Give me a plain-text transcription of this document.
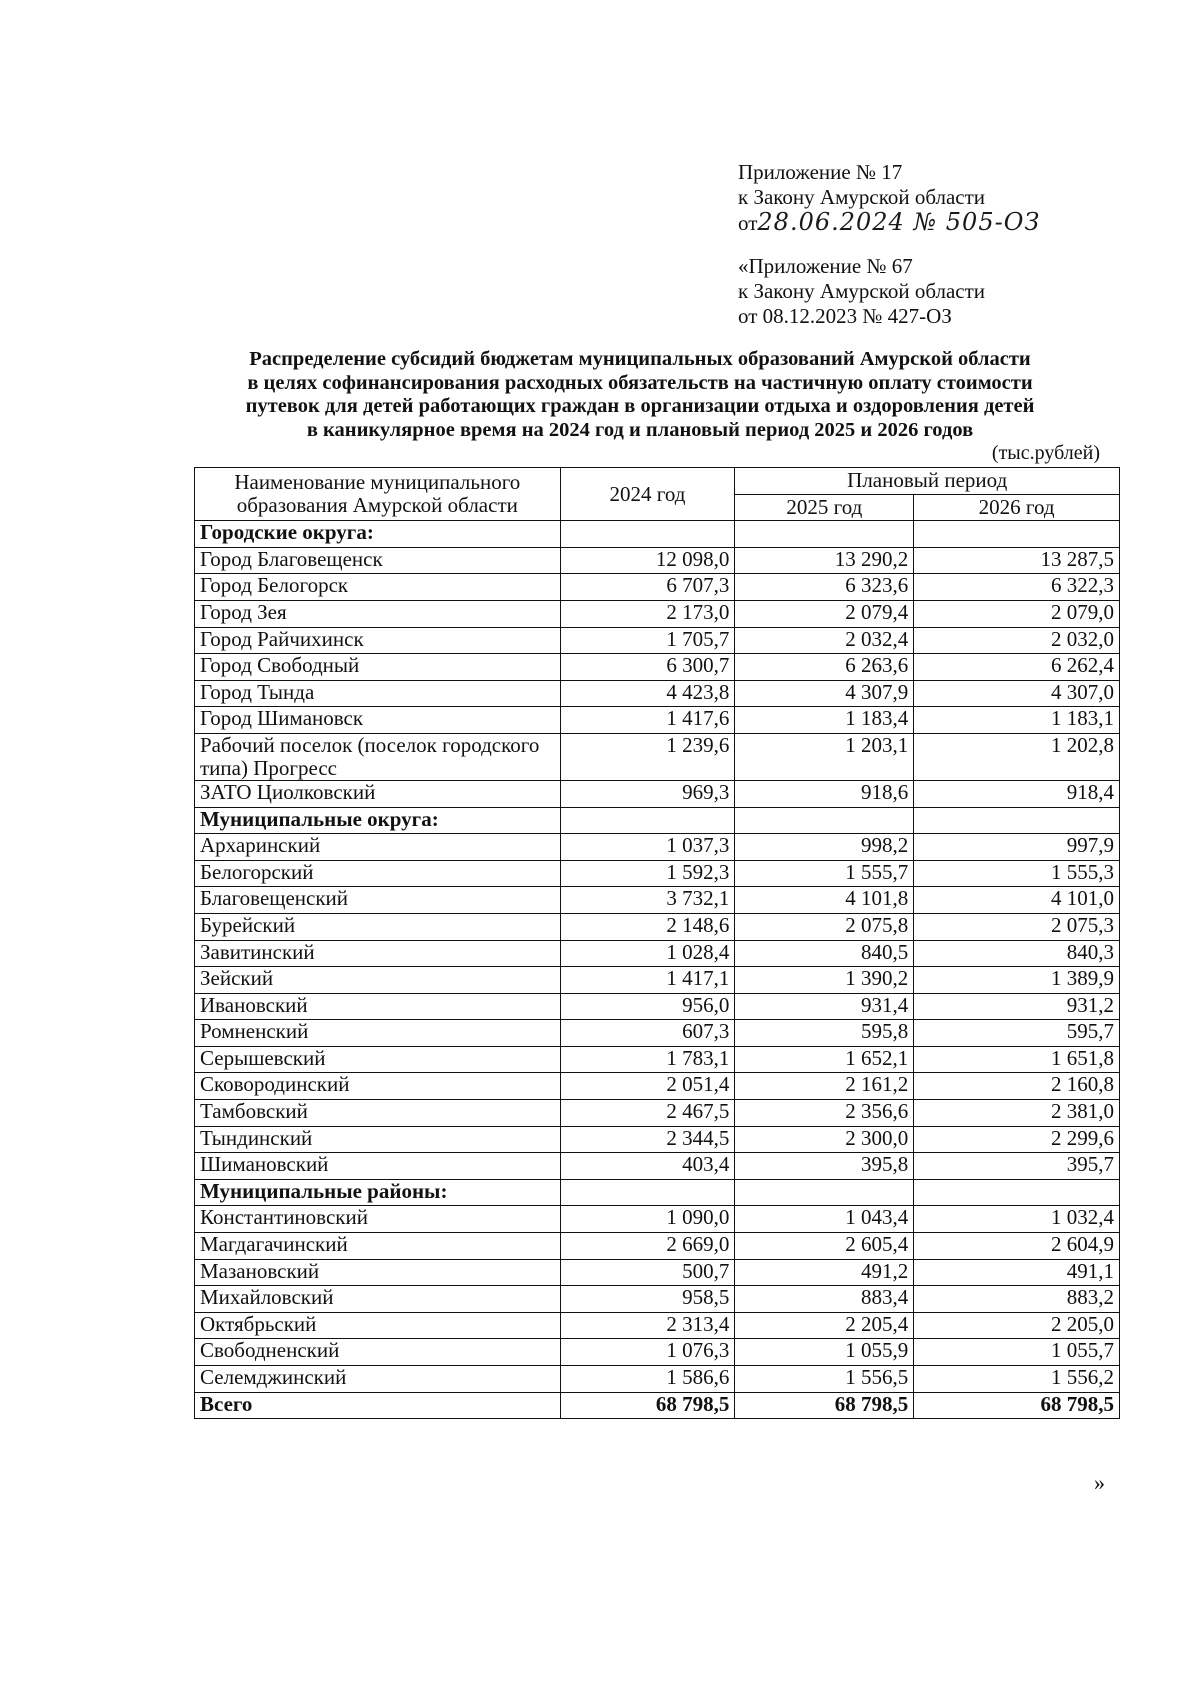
Приложение № 17
к Закону Амурской области
от28.06.2024 № 505-ОЗ
«Приложение № 67
к Закону Амурской области
от 08.12.2023 № 427-ОЗ
Распределение субсидий бюджетам муниципальных образований Амурской области
в целях софинансирования расходных обязательств на частичную оплату стоимости
путевок для детей работающих граждан в организации отдыха и оздоровления детей
в каникулярное время на 2024 год и плановый период 2025 и 2026 годов
(тыс.рублей)
Наименование муниципального образования Амурской области	2024 год	Плановый период	
		2025 год	2026 год
Городские округа:			
Город Благовещенск	12 098,0	13 290,2	13 287,5
Город Белогорск	6 707,3	6 323,6	6 322,3
Город Зея	2 173,0	2 079,4	2 079,0
Город Райчихинск	1 705,7	2 032,4	2 032,0
Город Свободный	6 300,7	6 263,6	6 262,4
Город Тында	4 423,8	4 307,9	4 307,0
Город Шимановск	1 417,6	1 183,4	1 183,1
Рабочий поселок (поселок городского типа) Прогресс	1 239,6	1 203,1	1 202,8
ЗАТО Циолковский	969,3	918,6	918,4
Муниципальные округа:			
Архаринский	1 037,3	998,2	997,9
Белогорский	1 592,3	1 555,7	1 555,3
Благовещенский	3 732,1	4 101,8	4 101,0
Бурейский	2 148,6	2 075,8	2 075,3
Завитинский	1 028,4	840,5	840,3
Зейский	1 417,1	1 390,2	1 389,9
Ивановский	956,0	931,4	931,2
Ромненский	607,3	595,8	595,7
Серышевский	1 783,1	1 652,1	1 651,8
Сковородинский	2 051,4	2 161,2	2 160,8
Тамбовский	2 467,5	2 356,6	2 381,0
Тындинский	2 344,5	2 300,0	2 299,6
Шимановский	403,4	395,8	395,7
Муниципальные районы:			
Константиновский	1 090,0	1 043,4	1 032,4
Магдагачинский	2 669,0	2 605,4	2 604,9
Мазановский	500,7	491,2	491,1
Михайловский	958,5	883,4	883,2
Октябрьский	2 313,4	2 205,4	2 205,0
Свободненский	1 076,3	1 055,9	1 055,7
Селемджинский	1 586,6	1 556,5	1 556,2
Всего	68 798,5	68 798,5	68 798,5
»
